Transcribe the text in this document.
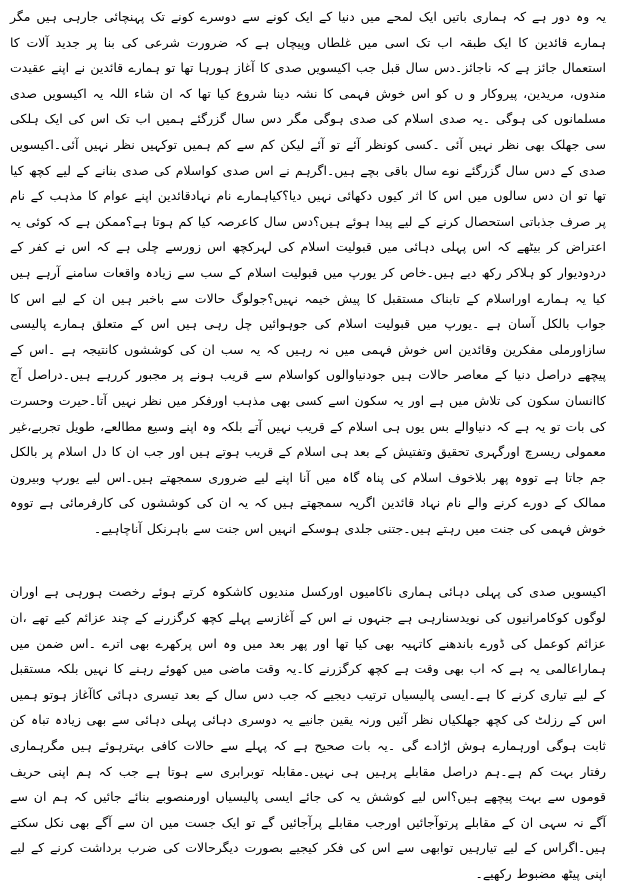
یہ وہ دور ہے کہ ہماری باتیں ایک لمحے میں دنیا کے ایک کونے سے دوسرے کونے تک پہنچائی جارہی ہیں مگر ہمارے قائدین کا ایک طبقہ اب تک اسی میں غلطاں وپیچاں ہے کہ ضرورت شرعی کی بنا پر جدید آلات کا استعمال جائز ہے کہ ناجائز۔دس سال قبل جب اکیسویں صدی کا آغاز ہورہا تھا تو ہمارے قائدین نے اپنے عقیدت مندوں، مریدین، پیروکار و ں کو اس خوش فہمی کا نشہ دینا شروع کیا تھا کہ ان شاء اللہ یہ اکیسویں صدی مسلمانوں کی ہوگی ۔یہ صدی اسلام کی صدی ہوگی مگر دس سال گزرگئے ہمیں اب تک اس کی ایک ہلکی سی جھلک بھی نظر نہیں آئی ۔کسی کونظر آئے تو آئے لیکن کم سے کم ہمیں توکہیں نظر نہیں آئی۔اکیسویں صدی کے دس سال گزرگئے نوے سال باقی بچے ہیں۔اگرہم نے اس صدی کواسلام کی صدی بنانے کے لیے کچھ کیا تھا تو ان دس سالوں میں اس کا اثر کیوں دکھائی نہیں دیا؟کیاہمارے نام نہادقائدین اپنے عوام کا مذہب کے نام پر صرف جذباتی استحصال کرنے کے لیے پیدا ہوئے ہیں؟دس سال کاعرصہ کیا کم ہوتا ہے؟ممکن ہے کہ کوئی یہ اعتراض کر بیٹھے کہ اس پہلی دہائی میں قبولیت اسلام کی لہرکچھ اس زورسے چلی ہے کہ اس نے کفر کے دردودیوار کو ہلاکر رکھ دیے ہیں۔خاص کر یورپ میں قبولیت اسلام کے سب سے زیادہ واقعات سامنے آرہے ہیں کیا یہ ہمارے اوراسلام کے تابناک مستقبل کا پیش خیمہ نہیں؟جولوگ حالات سے باخبر ہیں ان کے لیے اس کا جواب بالکل آسان ہے ۔یورپ میں قبولیت اسلام کی جوہوائیں چل رہی ہیں اس کے متعلق ہمارے پالیسی سازاورملی مفکرین وقائدین اس خوش فہمی میں نہ رہیں کہ یہ سب ان کی کوششوں کانتیجہ ہے ۔اس کے پیچھے دراصل دنیا کے معاصر حالات ہیں جودنیاوالوں کواسلام سے قریب ہونے پر مجبور کررہے ہیں۔دراصل آج کاانسان سکون کی تلاش میں ہے اور یہ سکون اسے کسی بھی مذہب اورفکر میں نظر نہیں آتا۔حیرت وحسرت کی بات تو یہ ہے کہ دنیاوالے بس یوں ہی اسلام کے قریب نہیں آتے بلکہ وہ اپنے وسیع مطالعے، طویل تجربے،غیر معمولی ریسرچ اورگہری تحقیق وتفتیش کے بعد ہی اسلام کے قریب ہوتے ہیں اور جب ان کا دل اسلام پر بالکل جم جاتا ہے تووہ پھر بلاخوف اسلام کی پناہ گاہ میں آنا اپنے لیے ضروری سمجھتے ہیں۔اس لیے یورپ وبیرون ممالک کے دورے کرنے والے نام نہاد قائدین اگریہ سمجھتے ہیں کہ یہ ان کی کوششوں کی کارفرمائی ہے تووہ خوش فہمی کی جنت میں رہتے ہیں۔جتنی جلدی ہوسکے انہیں اس جنت سے باہرنکل آناچاہیے۔

اکیسویں صدی کی پہلی دہائی ہماری ناکامیوں اورکسل مندیوں کاشکوہ کرتے ہوئے رخصت ہورہی ہے اوران لوگوں کوکامرانیوں کی نویدسنارہی ہے جنہوں نے اس کے آغازسے پہلے کچھ کرگزرنے کے چند عزائم کیے تھے ،ان عزائم کوعمل کی ڈورے باندھنے کاتہیہ بھی کیا تھا اور پھر بعد میں وہ اس پرکھرے بھی اترے ۔اس ضمن میں ہماراعالمی یہ ہے کہ اب بھی وقت ہے کچھ کرگزرنے کا۔یہ وقت ماضی میں کھوئے رہنے کا نہیں بلکہ مستقبل کے لیے تیاری کرنے کا ہے۔ایسی پالیسیاں ترتیب دیجیے کہ جب دس سال کے بعد تیسری دہائی کاآغاز ہوتو ہمیں اس کے رزلٹ کی کچھ جھلکیاں نظر آئیں ورنہ یقین جانیے یہ دوسری دہائی پہلی دہائی سے بھی زیادہ تباہ کن ثابت ہوگی اورہمارے ہوش اڑادے گی ۔یہ بات صحیح ہے کہ پہلے سے حالات کافی بہترہوئے ہیں مگرہماری رفتار بہت کم ہے۔ہم دراصل مقابلے پرہیں ہی نہیں۔مقابلہ توبرابری سے ہوتا ہے جب کہ ہم اپنی حریف قوموں سے بہت پیچھے ہیں؟اس لیے کوشش یہ کی جائے ایسی پالیسیاں اورمنصوبے بنائے جائیں کہ ہم ان سے آگے نہ سہی ان کے مقابلے پرتوآجائیں اورجب مقابلے پرآجائیں گے تو ایک جست میں ان سے آگے بھی نکل سکتے ہیں۔اگراس کے لیے تیارہیں توابھی سے اس کی فکر کیجیے بصورت دیگرحالات کی ضرب برداشت کرنے کے لیے اپنی پیٹھ مضبوط رکھیے۔
